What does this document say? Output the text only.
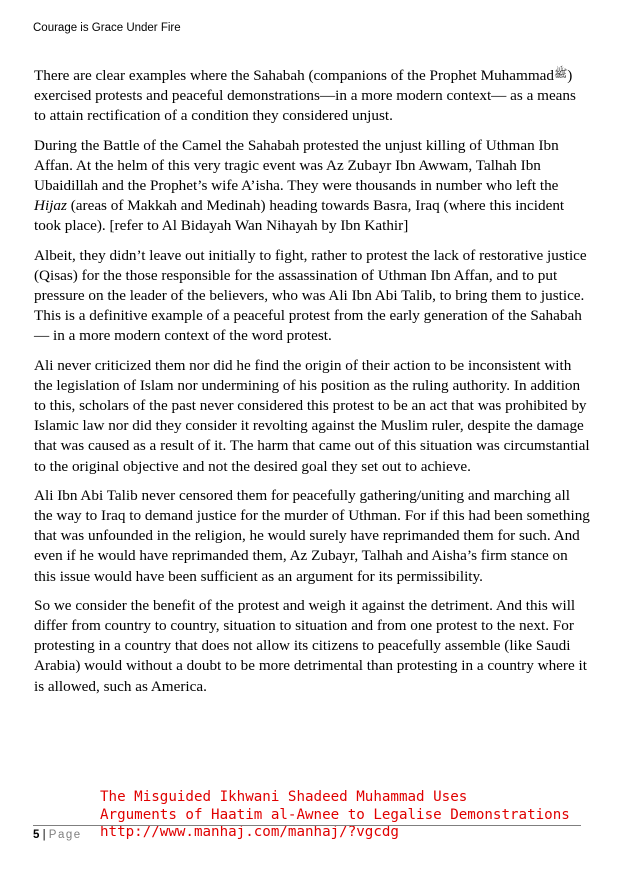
Courage is Grace Under Fire

There are clear examples where the Sahabah (companions of the Prophet Muhammadﷺ) exercised protests and peaceful demonstrations—in a more modern context— as a means to attain rectification of a condition they considered unjust.

During the Battle of the Camel the Sahabah protested the unjust killing of Uthman Ibn Affan. At the helm of this very tragic event was Az Zubayr Ibn Awwam, Talhah Ibn Ubaidillah and the Prophet’s wife A’isha. They were thousands in number who left the Hijaz (areas of Makkah and Medinah) heading towards Basra, Iraq (where this incident took place). [refer to Al Bidayah Wan Nihayah by Ibn Kathir]

Albeit, they didn’t leave out initially to fight, rather to protest the lack of restorative justice (Qisas) for the those responsible for the assassination of Uthman Ibn Affan, and to put pressure on the leader of the believers, who was Ali Ibn Abi Talib, to bring them to justice. This is a definitive example of a peaceful protest from the early generation of the Sahabah— in a more modern context of the word protest.

Ali never criticized them nor did he find the origin of their action to be inconsistent with the legislation of Islam nor undermining of his position as the ruling authority. In addition to this, scholars of the past never considered this protest to be an act that was prohibited by Islamic law nor did they consider it revolting against the Muslim ruler, despite the damage that was caused as a result of it. The harm that came out of this situation was circumstantial to the original objective and not the desired goal they set out to achieve.

Ali Ibn Abi Talib never censored them for peacefully gathering/uniting and marching all the way to Iraq to demand justice for the murder of Uthman. For if this had been something that was unfounded in the religion, he would surely have reprimanded them for such. And even if he would have reprimanded them, Az Zubayr, Talhah and Aisha’s firm stance on this issue would have been sufficient as an argument for its permissibility.

So we consider the benefit of the protest and weigh it against the detriment. And this will differ from country to country, situation to situation and from one protest to the next. For protesting in a country that does not allow its citizens to peacefully assemble (like Saudi Arabia) would without a doubt to be more detrimental than protesting in a country where it is allowed, such as America.

The Misguided Ikhwani Shadeed Muhammad Uses
Arguments of Haatim al-Awnee to Legalise Demonstrations
http://www.manhaj.com/manhaj/?vgcdg
5 | Page
